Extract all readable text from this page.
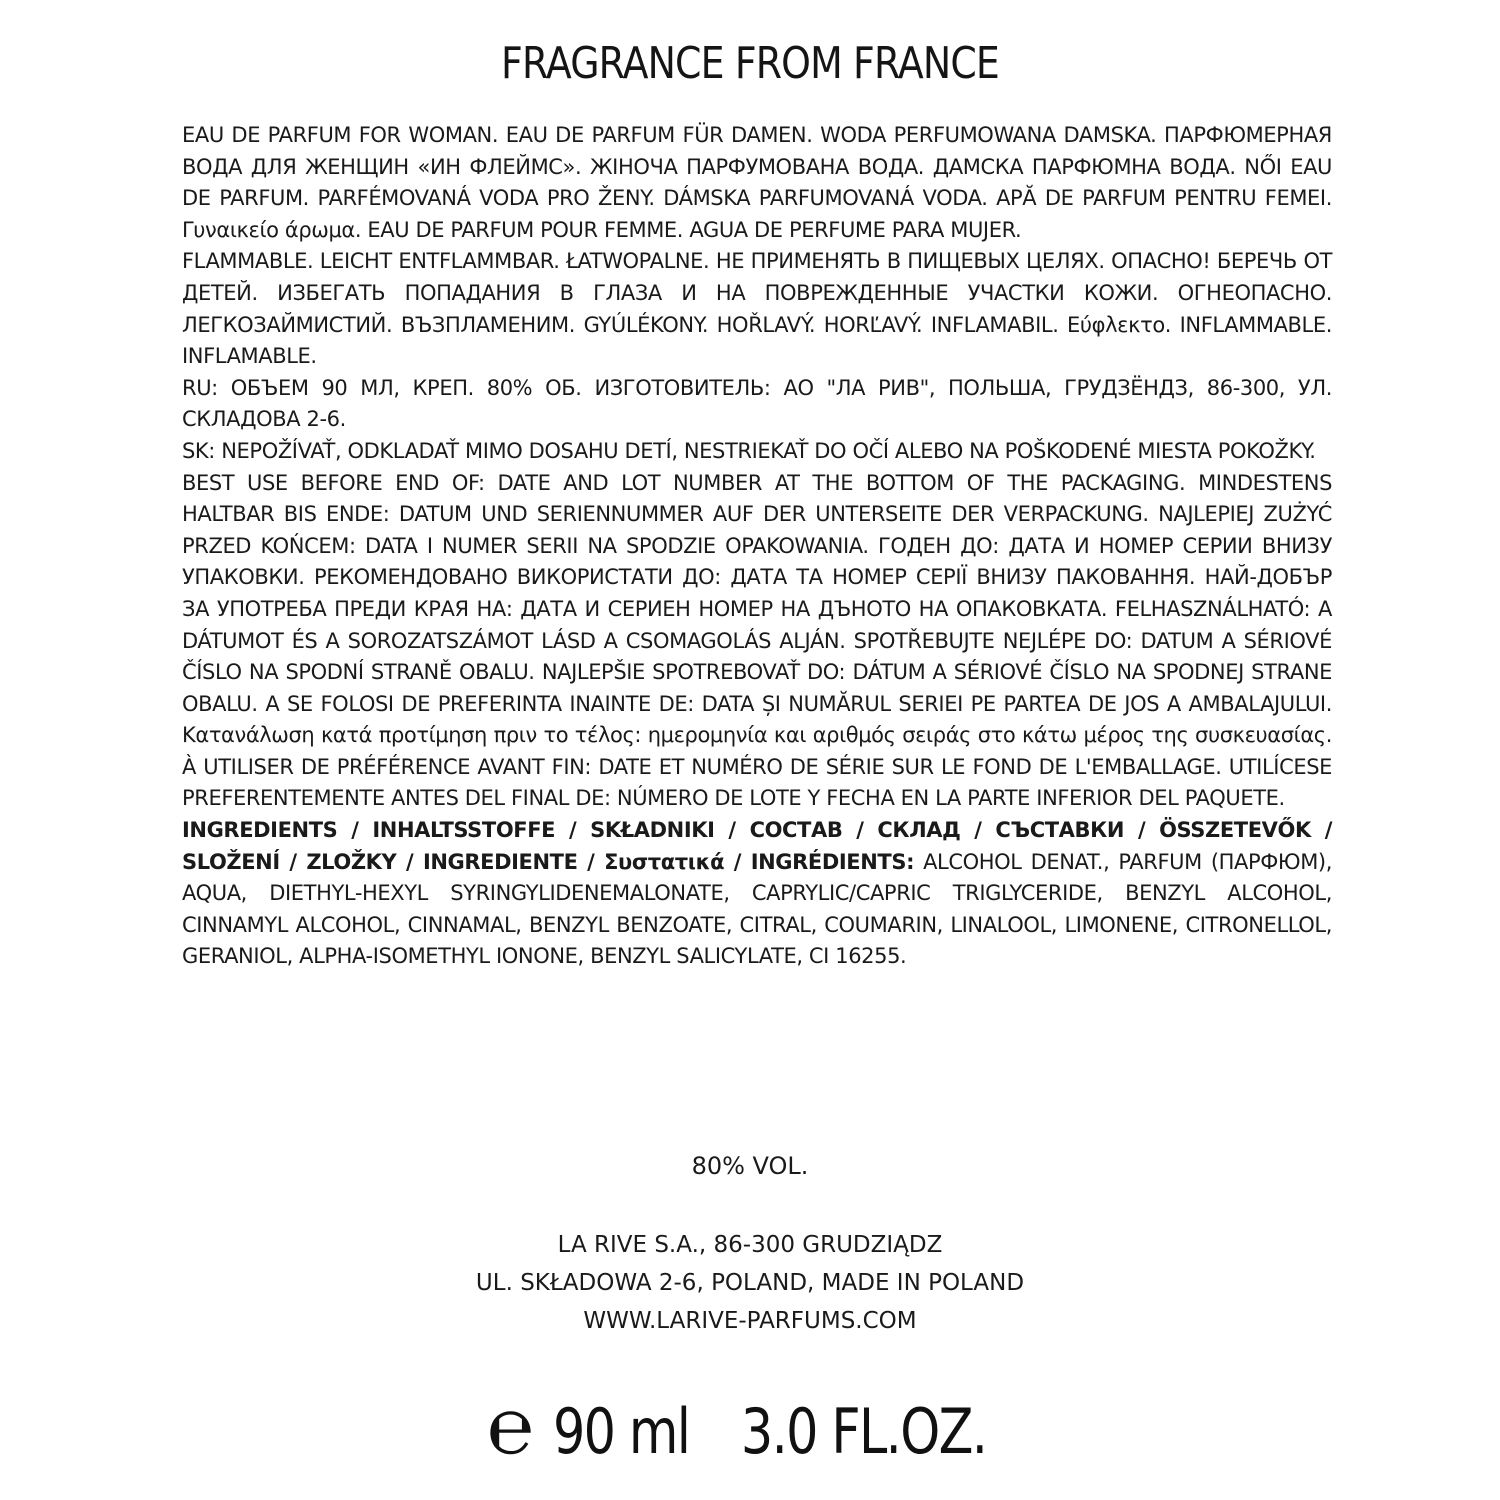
FRAGRANCE FROM FRANCE

EAU DE PARFUM FOR WOMAN. EAU DE PARFUM FÜR DAMEN. WODA PERFUMOWANA DAMSKA. ПАРФЮМЕРНАЯ ВОДА ДЛЯ ЖЕНЩИН «ИН ФЛЕЙМС». ЖІНОЧА ПАРФУМОВАНА ВОДА. ДАМСКА ПАРФЮМНА ВОДА. NŐI EAU DE PARFUM. PARFÉMOVANÁ VODA PRO ŽENY. DÁMSKA PARFUMOVANÁ VODA. APĂ DE PARFUM PENTRU FEMEI. Γυναικείο άρωμα. EAU DE PARFUM POUR FEMME. AGUA DE PERFUME PARA MUJER.

FLAMMABLE. LEICHT ENTFLAMMBAR. ŁATWOPALNE. НЕ ПРИМЕНЯТЬ В ПИЩЕВЫХ ЦЕЛЯХ. ОПАСНО! БЕРЕЧЬ ОТ ДЕТЕЙ. ИЗБЕГАТЬ ПОПАДАНИЯ В ГЛАЗА И НА ПОВРЕЖДЕННЫЕ УЧАСТКИ КОЖИ. ОГНЕОПАСНО. ЛЕГКОЗАЙМИСТИЙ. ВЪЗПЛАМЕНИМ. GYÚLÉKONY. HOŘLAVÝ. HORĽAVÝ. INFLAMABIL. Εύφλεκτο. INFLAMMABLE. INFLAMABLE.

RU: ОБЪЕМ 90 МЛ, КРЕП. 80% ОБ. ИЗГОТОВИТЕЛЬ: АО "ЛА РИВ", ПОЛЬША, ГРУДЗЁНДЗ, 86-300, УЛ. СКЛАДОВА 2-6.

SK: NEPOŽÍVAŤ, ODKLADAŤ MIMO DOSAHU DETÍ, NESTRIEKAŤ DO OČÍ ALEBO NA POŠKODENÉ MIESTA POKOŽKY.

BEST USE BEFORE END OF: DATE AND LOT NUMBER AT THE BOTTOM OF THE PACKAGING. MINDESTENS HALTBAR BIS ENDE: DATUM UND SERIENNUMMER AUF DER UNTERSEITE DER VERPACKUNG. NAJLEPIEJ ZUŻYĆ PRZED KOŃCEM: DATA I NUMER SERII NA SPODZIE OPAKOWANIA. ГОДЕН ДО: ДАТА И НОМЕР СЕРИИ ВНИЗУ УПАКОВКИ. РЕКОМЕНДОВАНО ВИКОРИСТАТИ ДО: ДАТА ТА НОМЕР СЕРІЇ ВНИЗУ ПАКОВАННЯ. НАЙ-ДОБЪР ЗА УПОТРЕБА ПРЕДИ КРАЯ НА: ДАТА И СЕРИЕН НОМЕР НА ДЪНОТО НА ОПАКОВКАТА. FELHASZNÁLHATÓ: A DÁTUMOT ÉS A SOROZATSZÁMOT LÁSD A CSOMAGOLÁS ALJÁN. SPOTŘEBUJTE NEJLÉPE DO: DATUM A SÉRIOVÉ ČÍSLO NA SPODNÍ STRANĚ OBALU. NAJLEPŠIE SPOTREBOVAŤ DO: DÁTUM A SÉRIOVÉ ČÍSLO NA SPODNEJ STRANE OBALU. A SE FOLOSI DE PREFERINTA INAINTE DE: DATA ȘI NUMĂRUL SERIEI PE PARTEA DE JOS A AMBALAJULUI. Κατανάλωση κατά προτίμηση πριν το τέλος: ημερομηνία και αριθμός σειράς στο κάτω μέρος της συσκευασίας. À UTILISER DE PRÉFÉRENCE AVANT FIN: DATE ET NUMÉRO DE SÉRIE SUR LE FOND DE L'EMBALLAGE. UTILÍCESE PREFERENTEMENTE ANTES DEL FINAL DE: NÚMERO DE LOTE Y FECHA EN LA PARTE INFERIOR DEL PAQUETE.

INGREDIENTS / INHALTSSTOFFE / SKŁADNIKI / СОСТАВ / СКЛАД / СЪСТАВКИ / ÖSSZETEVŐK / SLOŽENÍ / ZLOŽKY / INGREDIENTE / Συστατικά / INGRÉDIENTS: ALCOHOL DENAT., PARFUM (ПАРФЮМ), AQUA, DIETHYL-HEXYL SYRINGYLIDENEMALONATE, CAPRYLIC/CAPRIC TRIGLYCERIDE, BENZYL ALCOHOL, CINNAMYL ALCOHOL, CINNAMAL, BENZYL BENZOATE, CITRAL, COUMARIN, LINALOOL, LIMONENE, CITRONELLOL, GERANIOL, ALPHA-ISOMETHYL IONONE, BENZYL SALICYLATE, CI 16255.

80% VOL.
LA RIVE S.A., 86-300 GRUDZIĄDZ
UL. SKŁADOWA 2-6, POLAND, MADE IN POLAND
WWW.LARIVE-PARFUMS.COM
℮ 90 ml 3.0 FL.OZ.
